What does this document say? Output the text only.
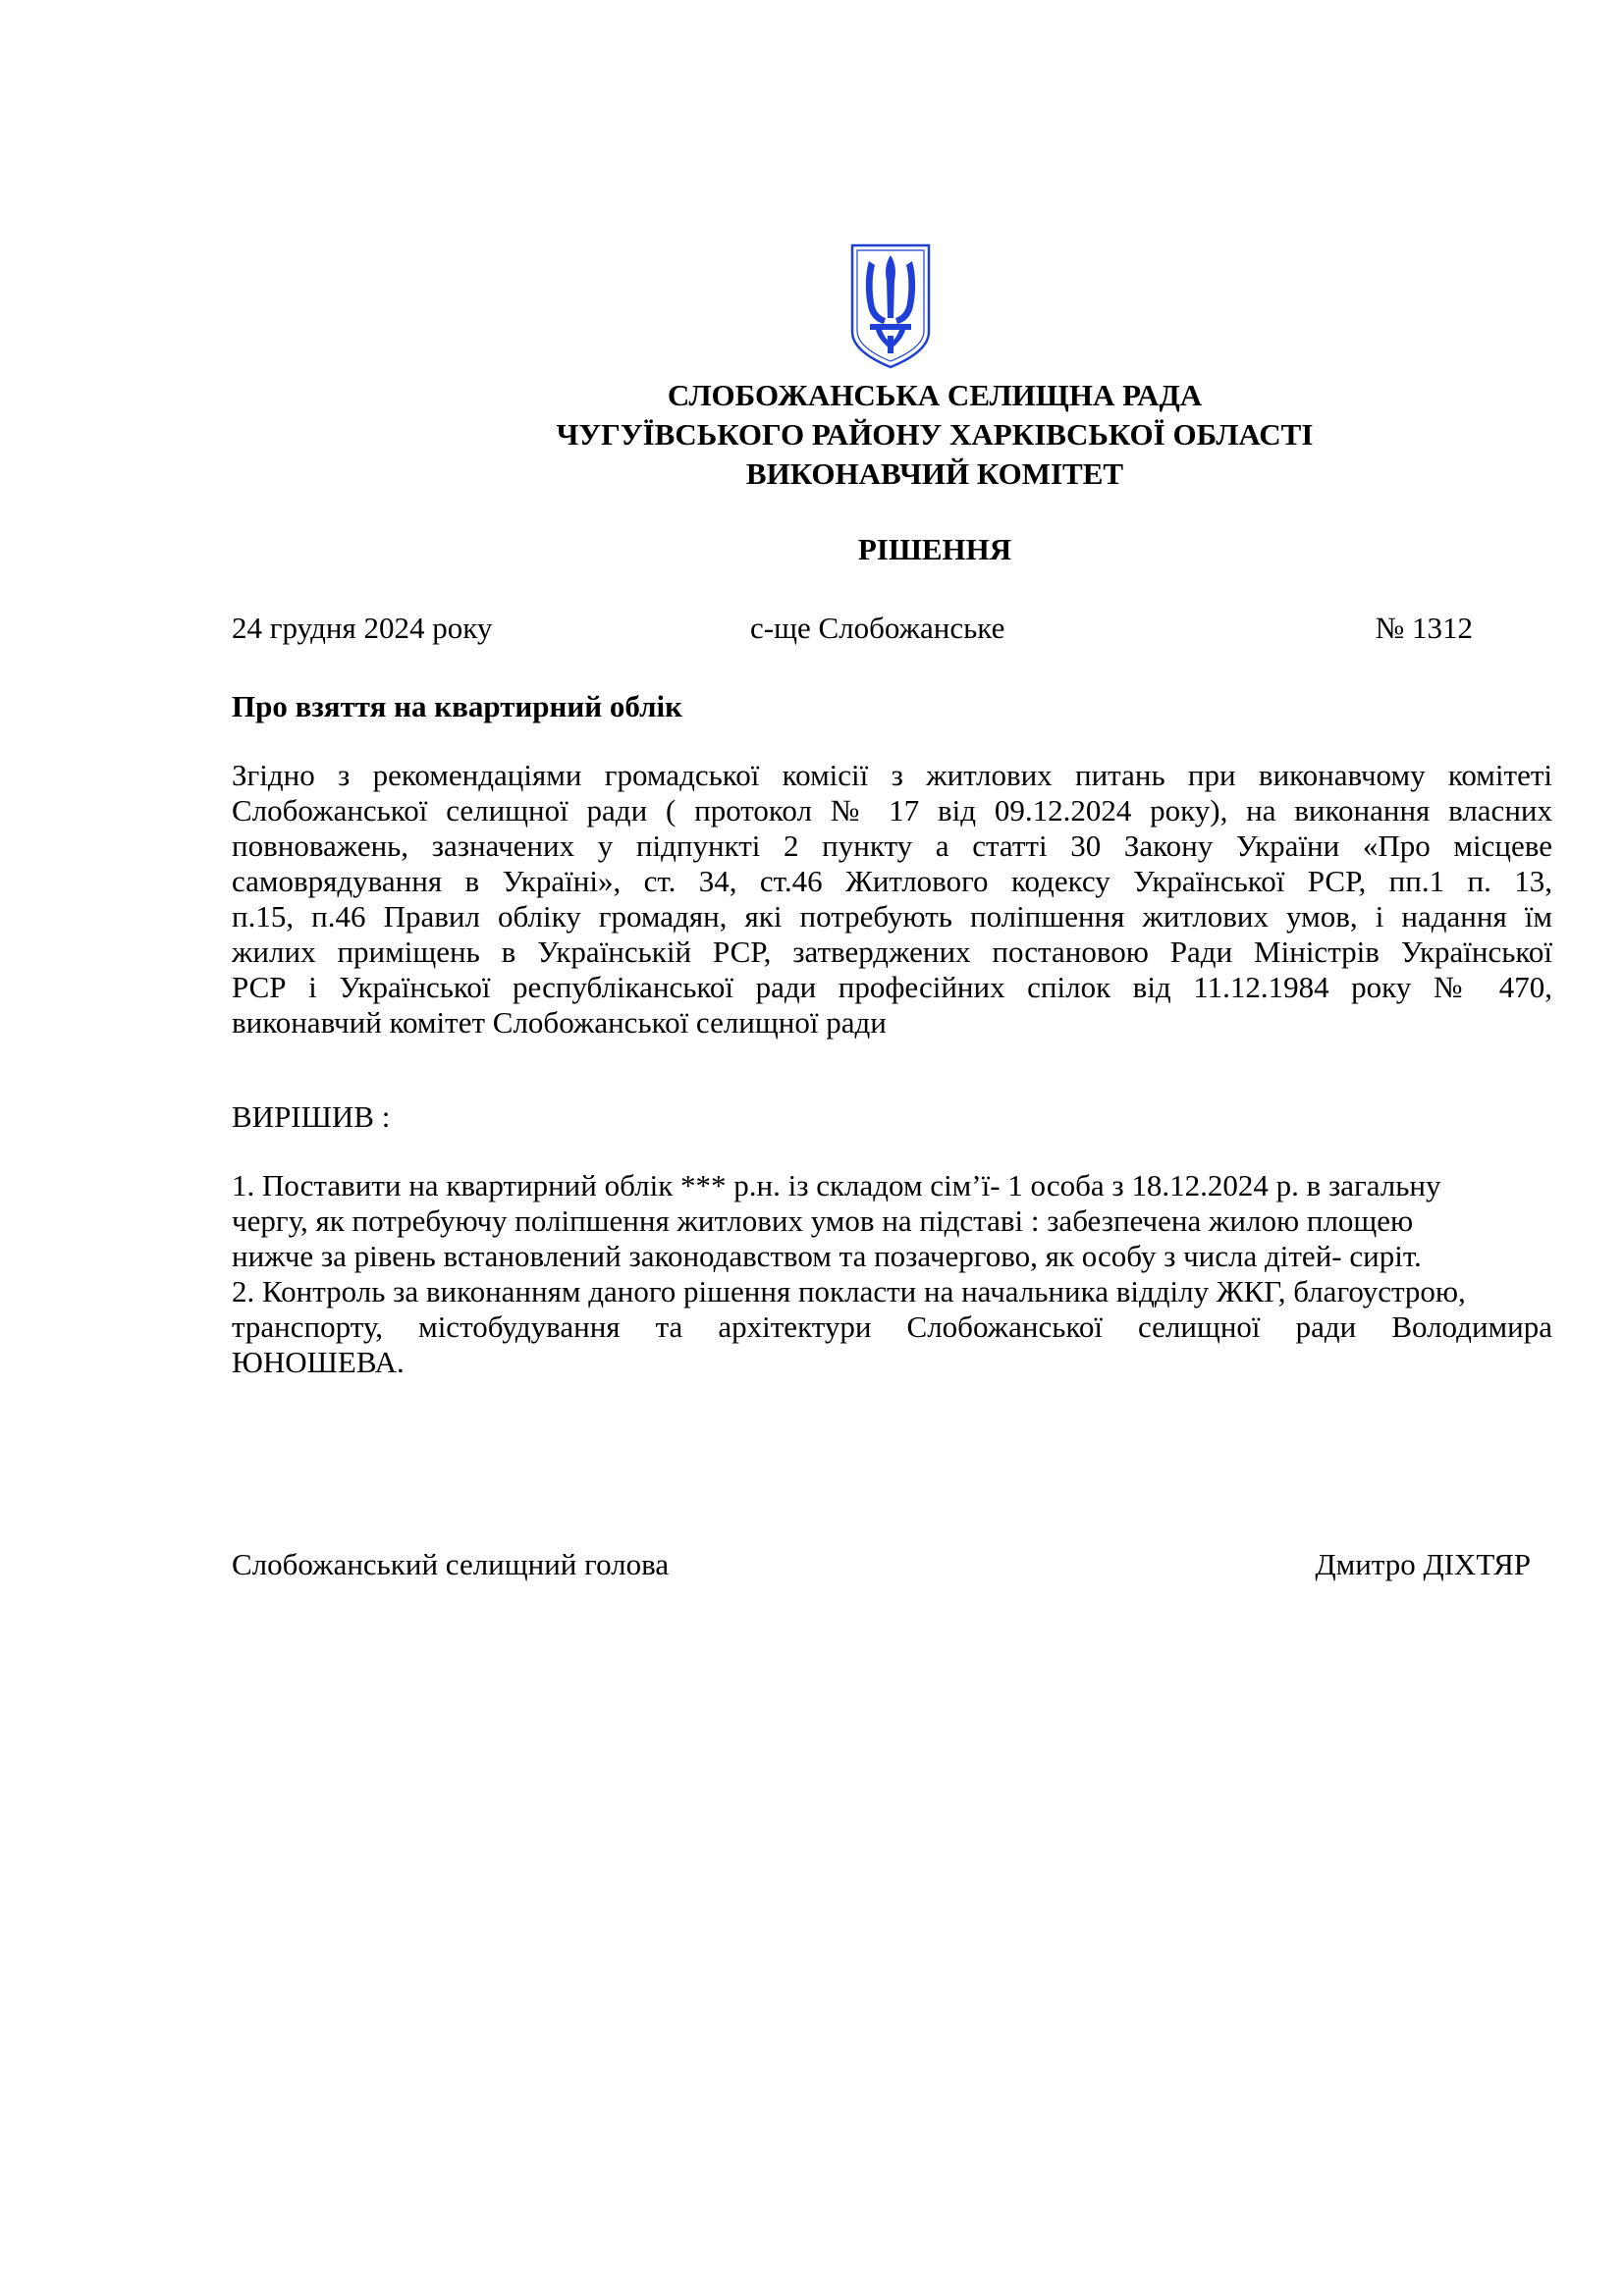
СЛОБОЖАНСЬКА СЕЛИЩНА РАДА
ЧУГУЇВСЬКОГО РАЙОНУ ХАРКІВСЬКОЇ ОБЛАСТІ
ВИКОНАВЧИЙ КОМІТЕТ
РІШЕННЯ
24 грудня 2024 року	с-ще Слобожанське	№ 1312
Про взяття на квартирний облік
Згідно з рекомендаціями громадської комісії з житлових питань при виконавчому комітеті
Слобожанської селищної ради ( протокол № 17 від 09.12.2024 року), на виконання власних
повноважень, зазначених у підпункті 2 пункту а статті 30 Закону України «Про місцеве
самоврядування в Україні», ст. 34, ст.46 Житлового кодексу Української РСР, пп.1 п. 13,
п.15, п.46 Правил обліку громадян, які потребують поліпшення житлових умов, і надання їм
жилих приміщень в Українській РСР, затверджених постановою Ради Міністрів Української
РСР і Української республіканської ради професійних спілок від 11.12.1984 року № 470,
виконавчий комітет Слобожанської селищної ради
ВИРІШИВ :
1. Поставити на квартирний облік *** р.н. із складом сім’ї- 1 особа з 18.12.2024 р. в загальну
чергу, як потребуючу поліпшення житлових умов на підставі : забезпечена жилою площею
нижче за рівень встановлений законодавством та позачергово, як особу з числа дітей- сиріт.
2. Контроль за виконанням даного рішення покласти на начальника відділу ЖКГ, благоустрою,
транспорту, містобудування та архітектури Слобожанської селищної ради Володимира
ЮНОШЕВА.
Слобожанський селищний голова	Дмитро ДІХТЯР
